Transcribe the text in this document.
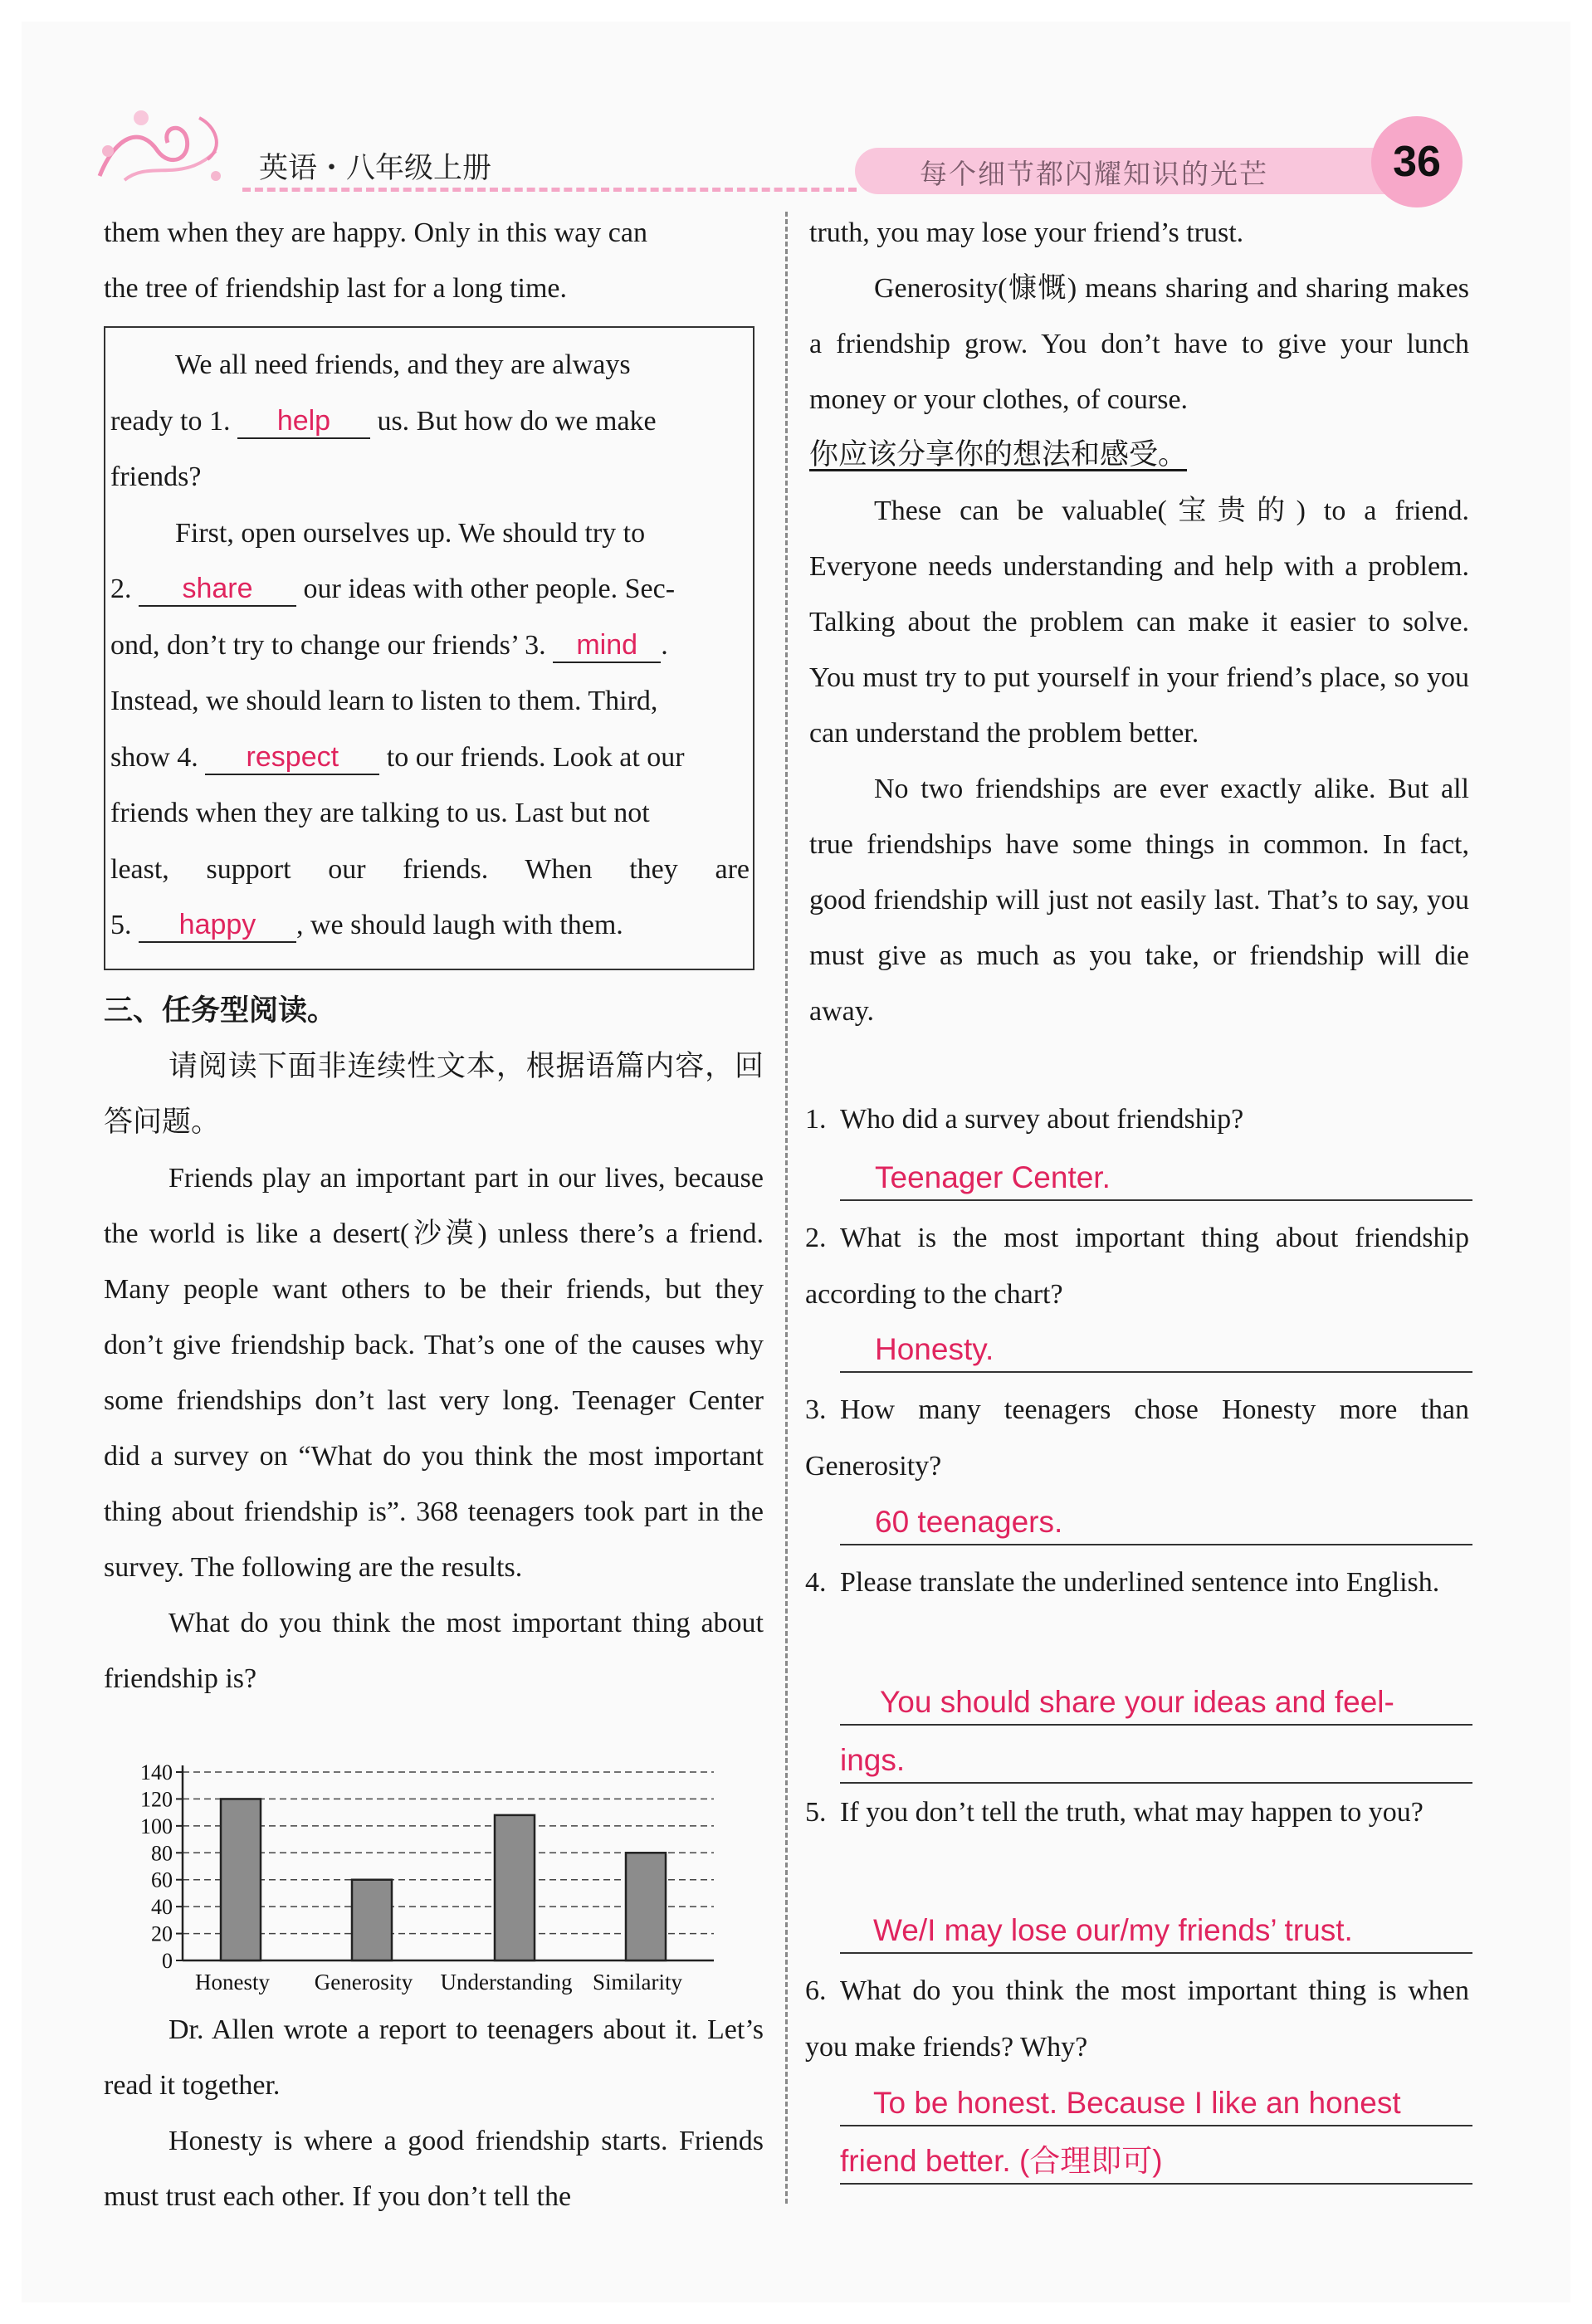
英语・八年级上册	每个细节都闪耀知识的光芒	36
them when they are happy. Only in this way can
the tree of friendship last for a long time.

We all need friends, and they are always

ready to 1. help us. But how do we make

friends?

First, open ourselves up. We should try to

2. share our ideas with other people. Sec-

ond, don’t try to change our friends’ 3. mind .

Instead, we should learn to listen to them. Third,

show 4. respect to our friends. Look at our

friends when they are talking to us. Last but not

least, support our friends. When they are

5. happy , we should laugh with them.

三、任务型阅读。

请阅读下面非连续性文本，根据语篇内容，回答问题。

Friends play an important part in our lives, because the world is like a desert(沙漠) unless there’s a friend. Many people want others to be their friends, but they don’t give friendship back. That’s one of the causes why some friendships don’t last very long. Teenager Center did a survey on “What do you think the most important thing about friendship is”. 368 teenagers took part in the survey. The following are the results.

What do you think the most important thing about friendship is?

0
20
40
60
80
100
120
140
Honesty Generosity Understanding Similarity

Dr. Allen wrote a report to teenagers about it. Let’s read it together.

Honesty is where a good friendship starts. Friends must trust each other. If you don’t tell the

truth, you may lose your friend’s trust.

Generosity(慷慨) means sharing and sharing makes a friendship grow. You don’t have to give your lunch money or your clothes, of course.

你应该分享你的想法和感受。

These can be valuable(宝贵的) to a friend. Everyone needs understanding and help with a problem. Talking about the problem can make it easier to solve. You must try to put yourself in your friend’s place, so you can understand the problem better.

No two friendships are ever exactly alike. But all true friendships have some things in common. In fact, good friendship will just not easily last. That’s to say, you must give as much as you take, or friendship will die away.

1. Who did a survey about friendship?
Teenager Center.
2. What is the most important thing about friendship according to the chart?
Honesty.
3. How many teenagers chose Honesty more than Generosity?
60 teenagers.
4. Please translate the underlined sentence into English.
You should share your ideas and feel-
ings.
5. If you don’t tell the truth, what may happen to you?
We/I may lose our/my friends’ trust.
6. What do you think the most important thing is when you make friends? Why?
To be honest. Because I like an honest
friend better. (合理即可)
